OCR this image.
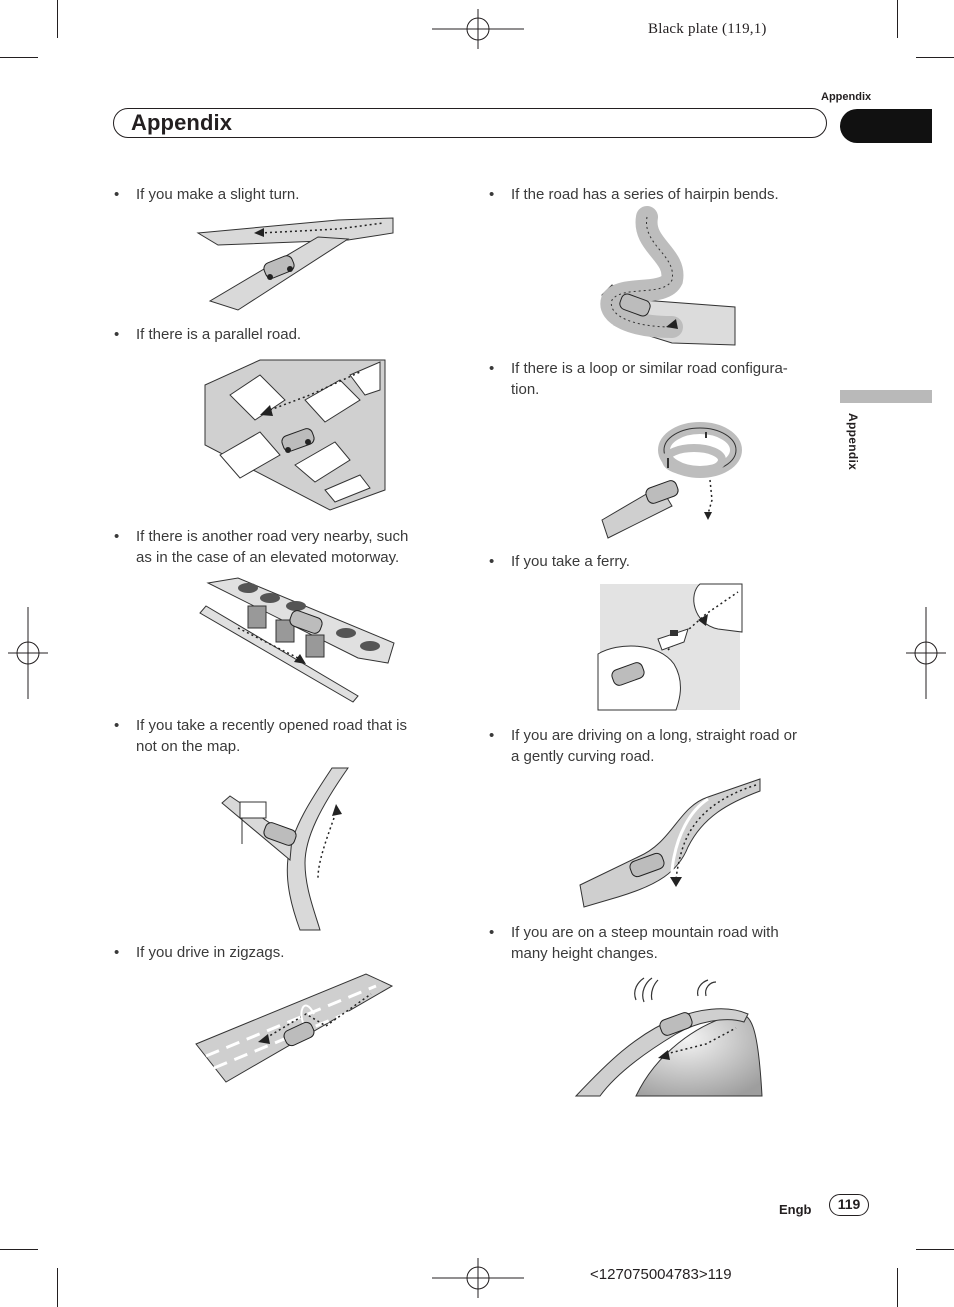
Black plate (119,1)
Appendix
Appendix
Appendix
• If you make a slight turn.
• If there is a parallel road.
• If there is another road very nearby, such
as in the case of an elevated motorway.
• If you take a recently opened road that is
not on the map.
• If you drive in zigzags.
• If the road has a series of hairpin bends.
• If there is a loop or similar road configura-
tion.
• If you take a ferry.
• If you are driving on a long, straight road or
a gently curving road.
• If you are on a steep mountain road with
many height changes.
Engb	119
<127075004783>119
